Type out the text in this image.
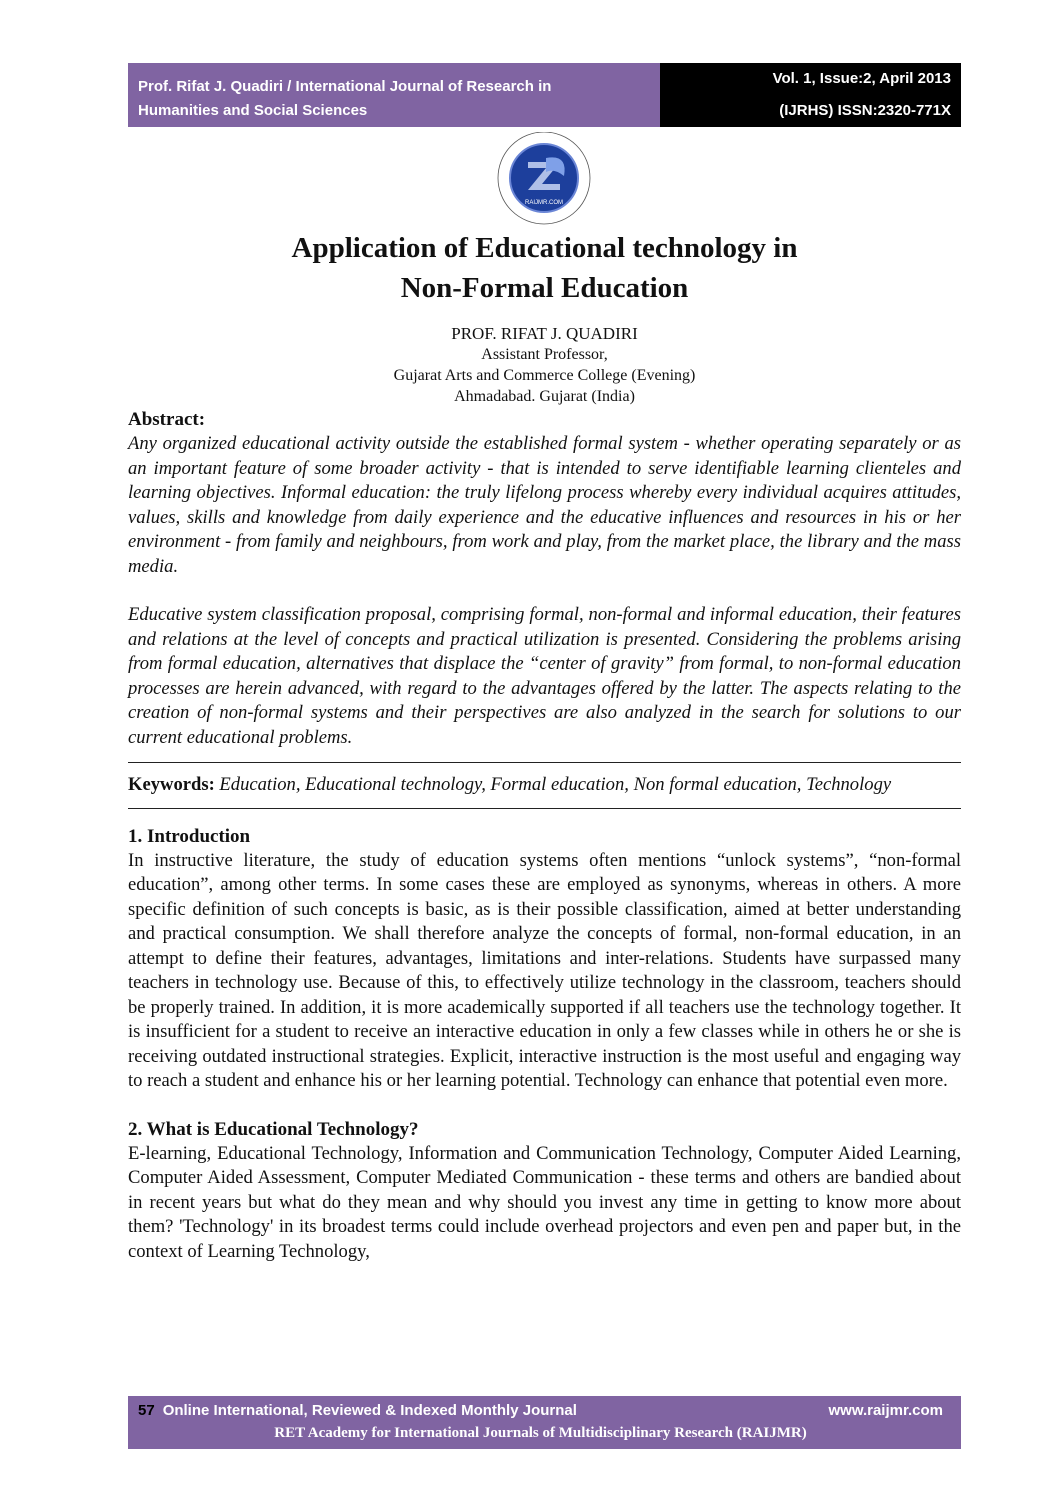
Prof. Rifat J. Quadiri / International Journal of Research in
Humanities and Social Sciences
Vol. 1, Issue:2, April 2013
(IJRHS) ISSN:2320-771X
RAIJMR.COM
Application of Educational technology in
Non-Formal Education
PROF. RIFAT J. QUADIRI
Assistant Professor,
Gujarat Arts and Commerce College (Evening)
Ahmadabad. Gujarat (India)

Abstract:

Any organized educational activity outside the established formal system - whether operating separately or as an important feature of some broader activity - that is intended to serve identifiable learning clienteles and learning objectives. Informal education: the truly lifelong process whereby every individual acquires attitudes, values, skills and knowledge from daily experience and the educative influences and resources in his or her environment - from family and neighbours, from work and play, from the market place, the library and the mass media.

Educative system classification proposal, comprising formal, non-formal and informal education, their features and relations at the level of concepts and practical utilization is presented. Considering the problems arising from formal education, alternatives that displace the “center of gravity” from formal, to non-formal education processes are herein advanced, with regard to the advantages offered by the latter. The aspects relating to the creation of non-formal systems and their perspectives are also analyzed in the search for solutions to our current educational problems.

Keywords: Education, Educational technology, Formal education, Non formal education, Technology

1. Introduction

In instructive literature, the study of education systems often mentions “unlock systems”, “non-formal education”, among other terms. In some cases these are employed as synonyms, whereas in others. A more specific definition of such concepts is basic, as is their possible classification, aimed at better understanding and practical consumption. We shall therefore analyze the concepts of formal, non-formal education, in an attempt to define their features, advantages, limitations and inter-relations. Students have surpassed many teachers in technology use. Because of this, to effectively utilize technology in the classroom, teachers should be properly trained. In addition, it is more academically supported if all teachers use the technology together. It is insufficient for a student to receive an interactive education in only a few classes while in others he or she is receiving outdated instructional strategies. Explicit, interactive instruction is the most useful and engaging way to reach a student and enhance his or her learning potential. Technology can enhance that potential even more.

2. What is Educational Technology?

E-learning, Educational Technology, Information and Communication Technology, Computer Aided Learning, Computer Aided Assessment, Computer Mediated Communication - these terms and others are bandied about in recent years but what do they mean and why should you invest any time in getting to know more about them? 'Technology' in its broadest terms could include overhead projectors and even pen and paper but, in the context of Learning Technology,

57 Online International, Reviewed & Indexed Monthly Journal	www.raijmr.com
RET Academy for International Journals of Multidisciplinary Research (RAIJMR)
